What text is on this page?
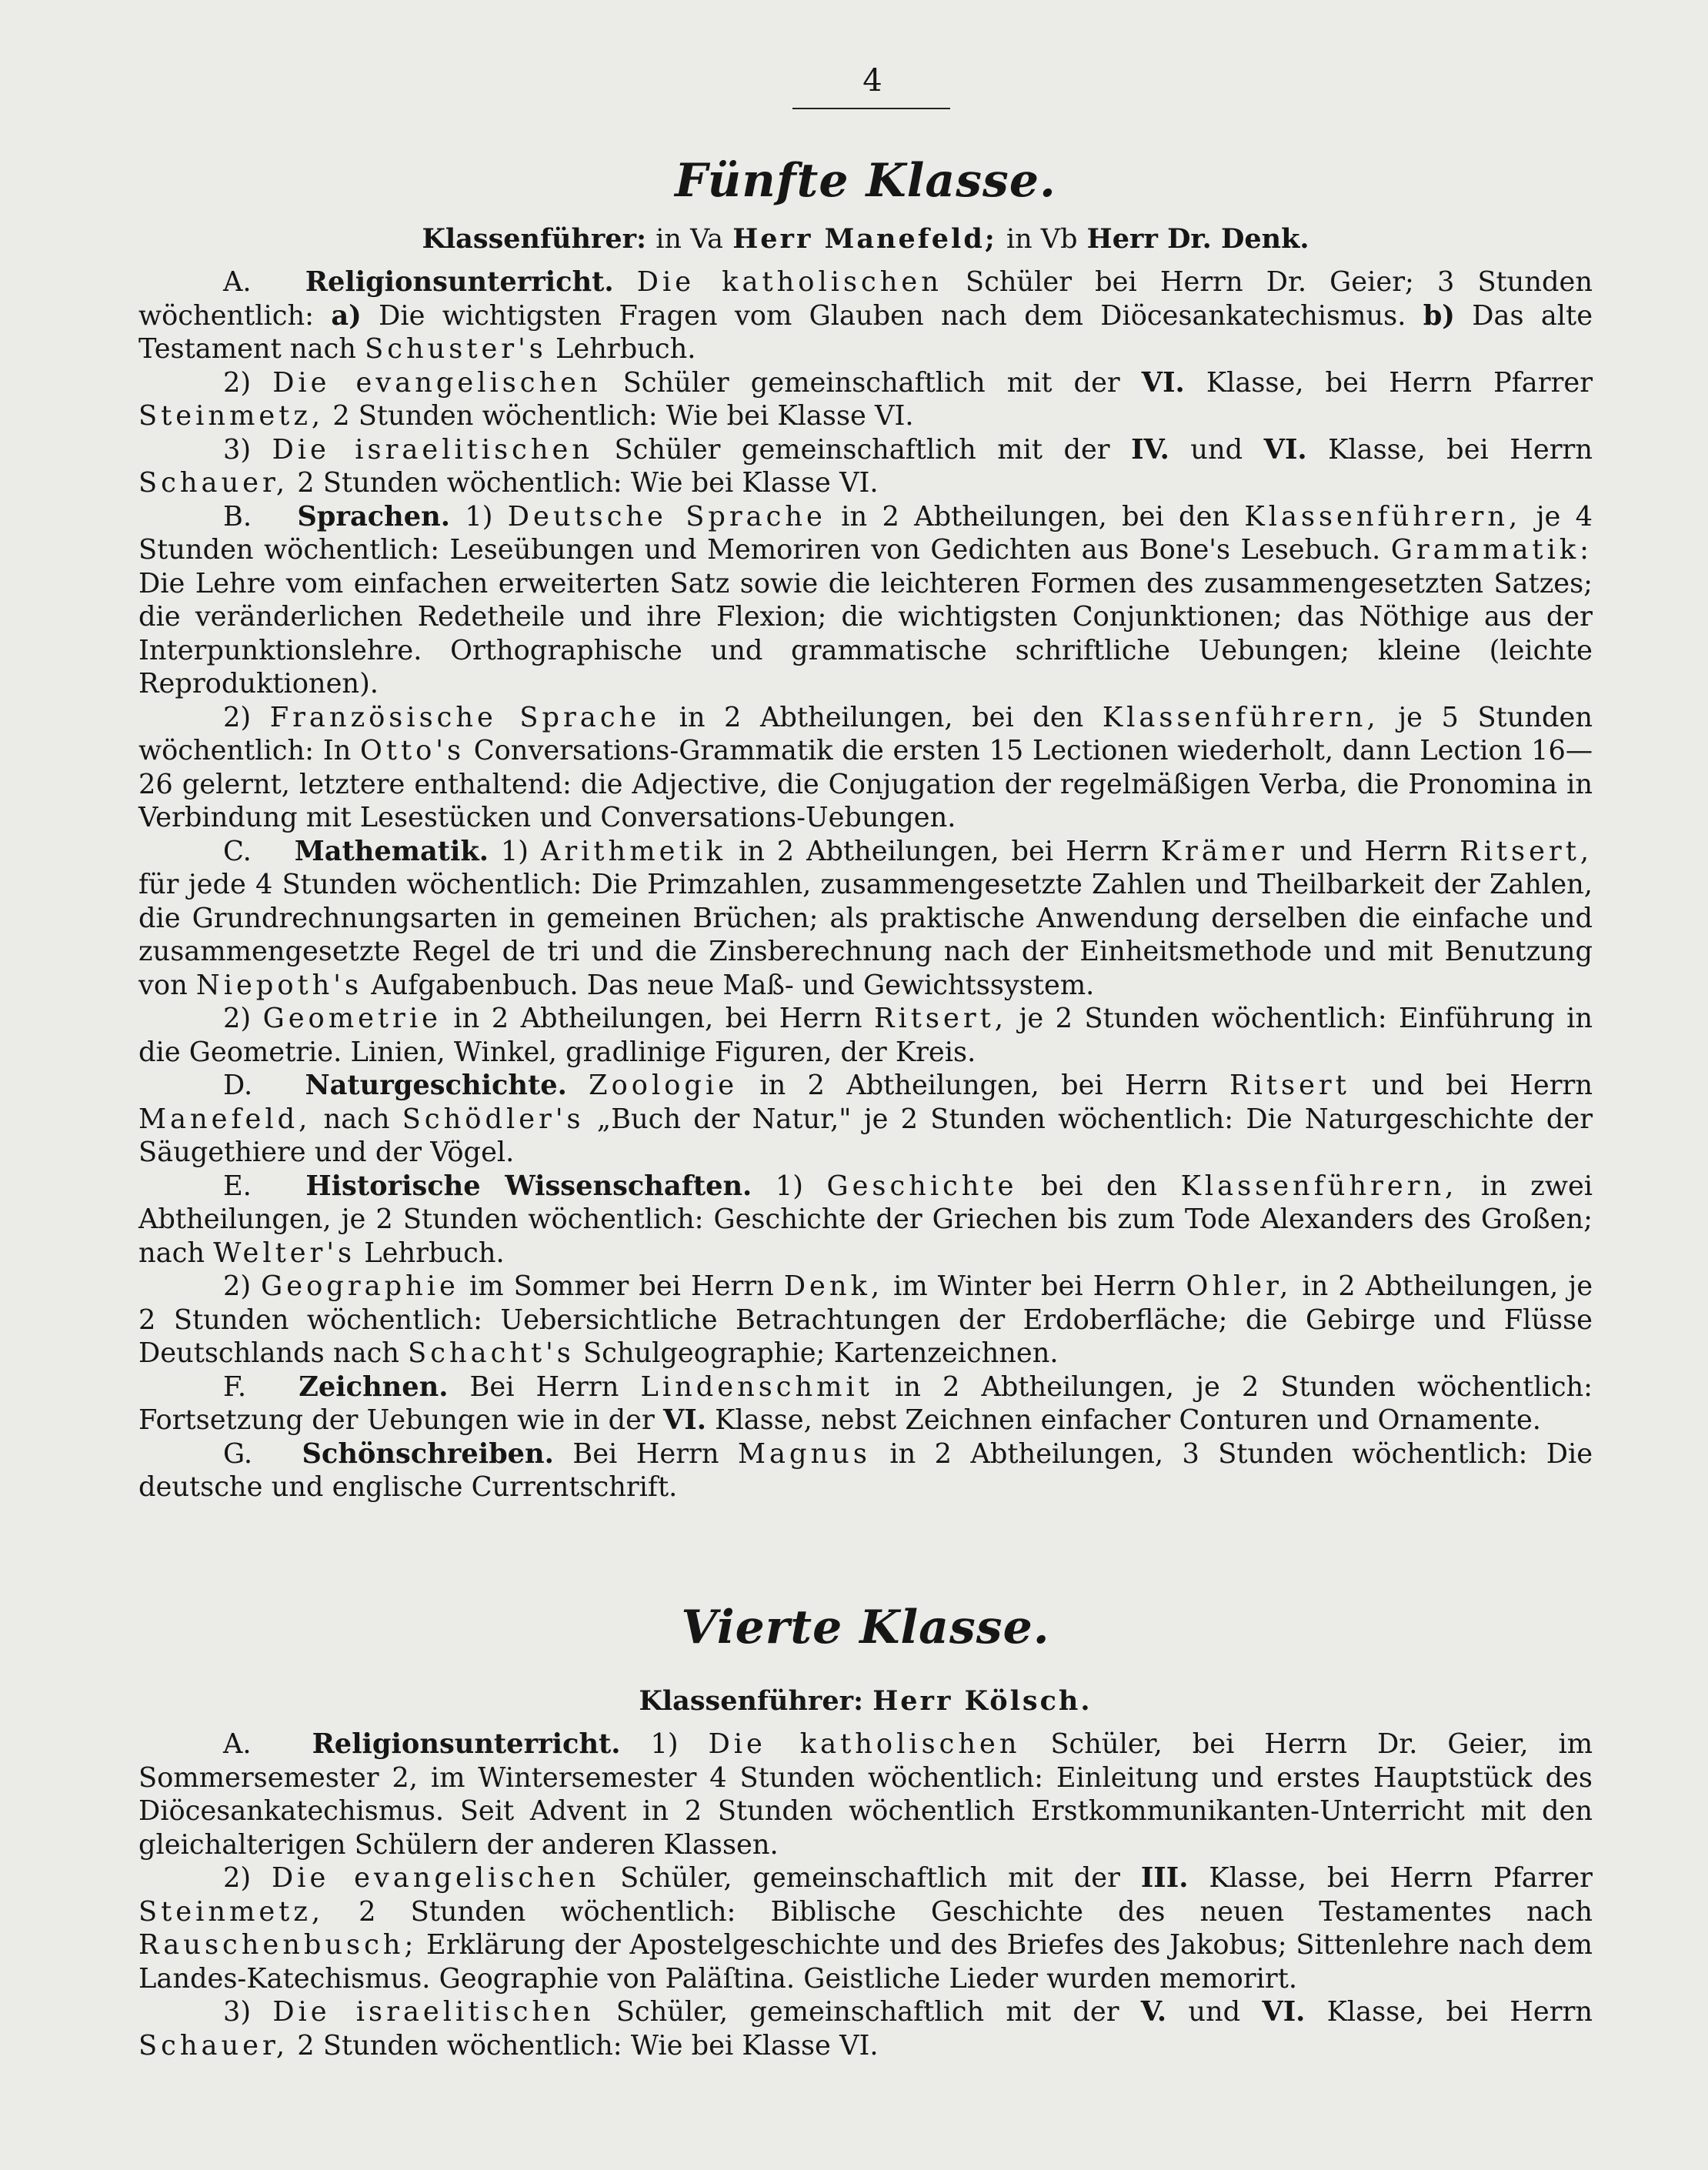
4
Fünfte Klasse.

Klassenführer: in Va Herr Manefeld; in Vb Herr Dr. Denk.

A. Religionsunterricht. Die katholischen Schüler bei Herrn Dr. Geier; 3 Stunden wöchentlich: a) Die wichtigsten Fragen vom Glauben nach dem Diöcesankatechismus. b) Das alte Testament nach Schuster's Lehrbuch.

2) Die evangelischen Schüler gemeinschaftlich mit der VI. Klasse, bei Herrn Pfarrer Steinmetz, 2 Stunden wöchentlich: Wie bei Klasse VI.

3) Die israelitischen Schüler gemeinschaftlich mit der IV. und VI. Klasse, bei Herrn Schauer, 2 Stunden wöchentlich: Wie bei Klasse VI.

B. Sprachen. 1) Deutsche Sprache in 2 Abtheilungen, bei den Klassenführern, je 4 Stunden wöchentlich: Leseübungen und Memoriren von Gedichten aus Bone's Lesebuch. Grammatik: Die Lehre vom einfachen erweiterten Satz sowie die leichteren Formen des zusammengesetzten Satzes; die veränderlichen Redetheile und ihre Flexion; die wichtigsten Conjunktionen; das Nöthige aus der Interpunktionslehre. Orthographische und grammatische schriftliche Uebungen; kleine (leichte Reproduktionen).

2) Französische Sprache in 2 Abtheilungen, bei den Klassenführern, je 5 Stunden wöchentlich: In Otto's Conversations-Grammatik die ersten 15 Lectionen wiederholt, dann Lection 16—26 gelernt, letztere enthaltend: die Adjective, die Conjugation der regelmäßigen Verba, die Pronomina in Verbindung mit Lesestücken und Conversations-Uebungen.

C. Mathematik. 1) Arithmetik in 2 Abtheilungen, bei Herrn Krämer und Herrn Ritsert, für jede 4 Stunden wöchentlich: Die Primzahlen, zusammengesetzte Zahlen und Theilbarkeit der Zahlen, die Grundrechnungsarten in gemeinen Brüchen; als praktische Anwendung derselben die einfache und zusammengesetzte Regel de tri und die Zinsberechnung nach der Einheitsmethode und mit Benutzung von Niepoth's Aufgabenbuch. Das neue Maß- und Gewichtssystem.

2) Geometrie in 2 Abtheilungen, bei Herrn Ritsert, je 2 Stunden wöchentlich: Einführung in die Geometrie. Linien, Winkel, gradlinige Figuren, der Kreis.

D. Naturgeschichte. Zoologie in 2 Abtheilungen, bei Herrn Ritsert und bei Herrn Manefeld, nach Schödler's „Buch der Natur," je 2 Stunden wöchentlich: Die Naturgeschichte der Säugethiere und der Vögel.

E. Historische Wissenschaften. 1) Geschichte bei den Klassenführern, in zwei Abtheilungen, je 2 Stunden wöchentlich: Geschichte der Griechen bis zum Tode Alexanders des Großen; nach Welter's Lehrbuch.

2) Geographie im Sommer bei Herrn Denk, im Winter bei Herrn Ohler, in 2 Abtheilungen, je 2 Stunden wöchentlich: Uebersichtliche Betrachtungen der Erdoberfläche; die Gebirge und Flüsse Deutschlands nach Schacht's Schulgeographie; Kartenzeichnen.

F. Zeichnen. Bei Herrn Lindenschmit in 2 Abtheilungen, je 2 Stunden wöchentlich: Fortsetzung der Uebungen wie in der VI. Klasse, nebst Zeichnen einfacher Conturen und Ornamente.

G. Schönschreiben. Bei Herrn Magnus in 2 Abtheilungen, 3 Stunden wöchentlich: Die deutsche und englische Currentschrift.

Vierte Klasse.

Klassenführer: Herr Kölsch.

A. Religionsunterricht. 1) Die katholischen Schüler, bei Herrn Dr. Geier, im Sommersemester 2, im Wintersemester 4 Stunden wöchentlich: Einleitung und erstes Hauptstück des Diöcesankatechismus. Seit Advent in 2 Stunden wöchentlich Erstkommunikanten-Unterricht mit den gleichalterigen Schülern der anderen Klassen.

2) Die evangelischen Schüler, gemeinschaftlich mit der III. Klasse, bei Herrn Pfarrer Steinmetz, 2 Stunden wöchentlich: Biblische Geschichte des neuen Testamentes nach Rauschenbusch; Erklärung der Apostelgeschichte und des Briefes des Jakobus; Sittenlehre nach dem Landes-Katechismus. Geographie von Paläſtina. Geistliche Lieder wurden memorirt.

3) Die israelitischen Schüler, gemeinschaftlich mit der V. und VI. Klasse, bei Herrn Schauer, 2 Stunden wöchentlich: Wie bei Klasse VI.
